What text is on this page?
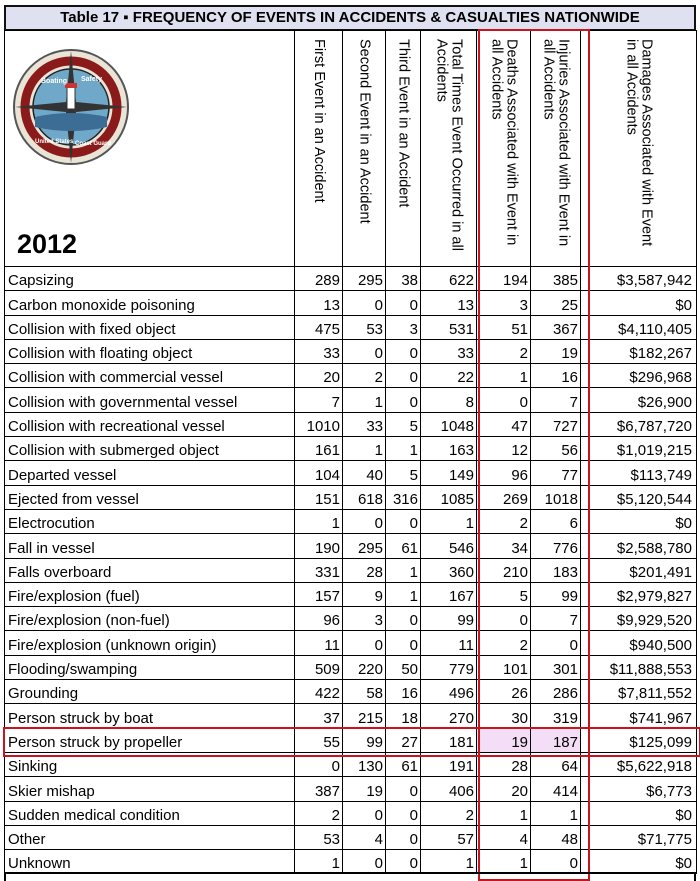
Table 17 ▪ FREQUENCY OF EVENTS IN ACCIDENTS & CASUALTIES NATIONWIDE
Boating Safety
United States Coast Guard
2012	First Event in an Accident	Second Event in an Accident	Third Event in an Accident	Total Times Event Occurred in all Accidents	Deaths Associated with Event in all Accidents	Injuries Associated with Event in all Accidents	Damages Associated with Event in all Accidents

Capsizing	289	295	38	622	194	385	$3,587,942
Carbon monoxide poisoning	13	0	0	13	3	25	$0
Collision with fixed object	475	53	3	531	51	367	$4,110,405
Collision with floating object	33	0	0	33	2	19	$182,267
Collision with commercial vessel	20	2	0	22	1	16	$296,968
Collision with governmental vessel	7	1	0	8	0	7	$26,900
Collision with recreational vessel	1010	33	5	1048	47	727	$6,787,720
Collision with submerged object	161	1	1	163	12	56	$1,019,215
Departed vessel	104	40	5	149	96	77	$113,749
Ejected from vessel	151	618	316	1085	269	1018	$5,120,544
Electrocution	1	0	0	1	2	6	$0
Fall in vessel	190	295	61	546	34	776	$2,588,780
Falls overboard	331	28	1	360	210	183	$201,491
Fire/explosion (fuel)	157	9	1	167	5	99	$2,979,827
Fire/explosion (non-fuel)	96	3	0	99	0	7	$9,929,520
Fire/explosion (unknown origin)	11	0	0	11	2	0	$940,500
Flooding/swamping	509	220	50	779	101	301	$11,888,553
Grounding	422	58	16	496	26	286	$7,811,552
Person struck by boat	37	215	18	270	30	319	$741,967
Person struck by propeller	55	99	27	181	19	187	$125,099
Sinking	0	130	61	191	28	64	$5,622,918
Skier mishap	387	19	0	406	20	414	$6,773
Sudden medical condition	2	0	0	2	1	1	$0
Other	53	4	0	57	4	48	$71,775
Unknown	1	0	0	1	1	0	$0
